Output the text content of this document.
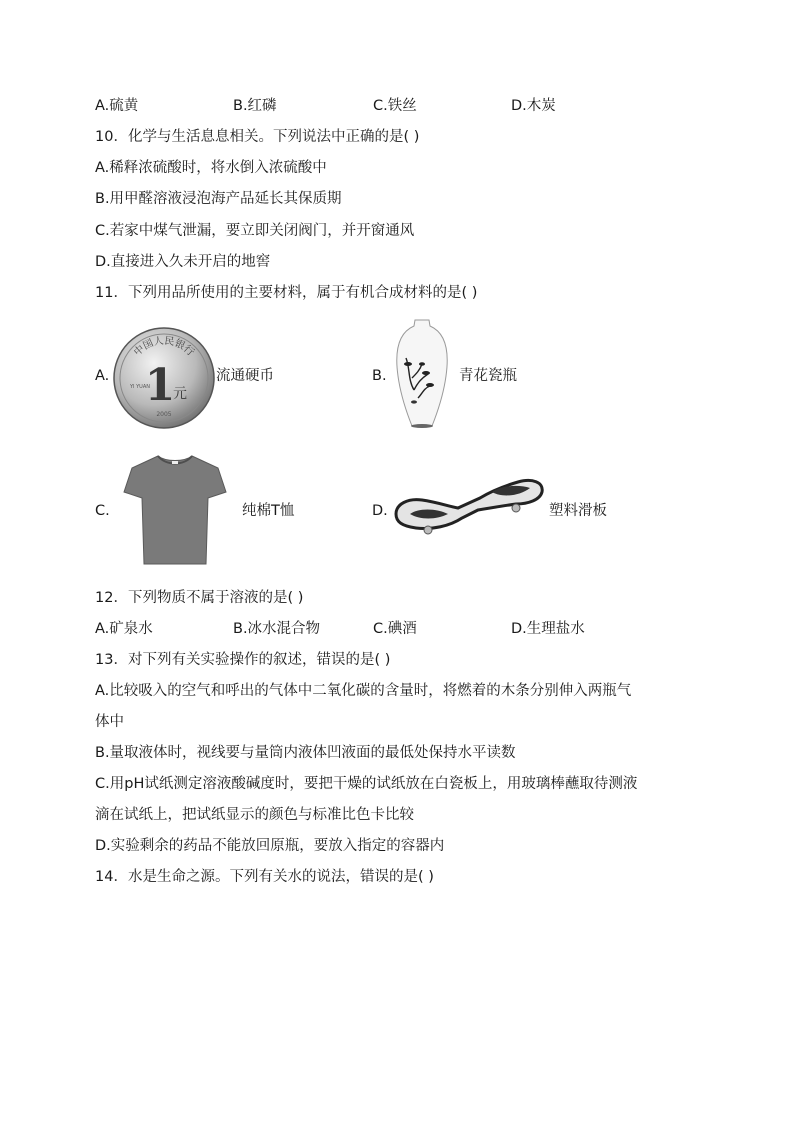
A.硫黄	B.红磷	C.铁丝	D.木炭
10．化学与生活息息相关。下列说法中正确的是( )
A.稀释浓硫酸时，将水倒入浓硫酸中
B.用甲醛溶液浸泡海产品延长其保质期
C.若家中煤气泄漏，要立即关闭阀门，并开窗通风
D.直接进入久未开启的地窖
11．下列用品所使用的主要材料，属于有机合成材料的是( )
A.
中国人民银行
1
元
YI YUAN
2005
流通硬币	B.	青花瓷瓶
C.	纯棉T恤	D.	塑料滑板
12．下列物质不属于溶液的是( )
A.矿泉水	B.冰水混合物	C.碘酒	D.生理盐水
13．对下列有关实验操作的叙述，错误的是( )
A.比较吸入的空气和呼出的气体中二氧化碳的含量时，将燃着的木条分别伸入两瓶气
体中
B.量取液体时，视线要与量筒内液体凹液面的最低处保持水平读数
C.用pH试纸测定溶液酸碱度时，要把干燥的试纸放在白瓷板上，用玻璃棒蘸取待测液
滴在试纸上，把试纸显示的颜色与标准比色卡比较
D.实验剩余的药品不能放回原瓶，要放入指定的容器内
14．水是生命之源。下列有关水的说法，错误的是( )
